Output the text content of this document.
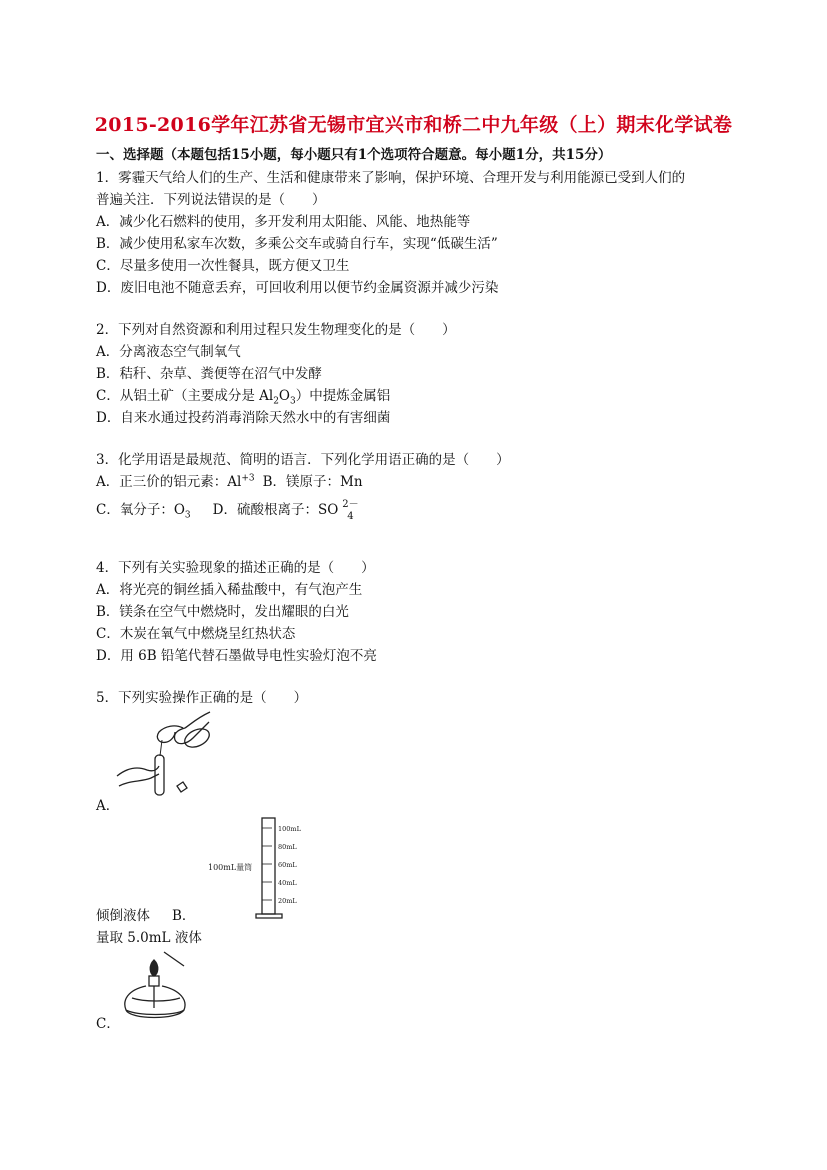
2015-2016学年江苏省无锡市宜兴市和桥二中九年级（上）期末化学试卷
一、选择题（本题包括15小题，每小题只有1个选项符合题意。每小题1分，共15分）
1．雾霾天气给人们的生产、生活和健康带来了影响，保护环境、合理开发与利用能源已受到人们的
普遍关注．下列说法错误的是（　　）
A．减少化石燃料的使用，多开发利用太阳能、风能、地热能等
B．减少使用私家车次数，多乘公交车或骑自行车，实现“低碳生活”
C．尽量多使用一次性餐具，既方便又卫生
D．废旧电池不随意丢弃，可回收利用以便节约金属资源并减少污染
2．下列对自然资源和利用过程只发生物理变化的是（　　）
A．分离液态空气制氧气
B．秸秆、杂草、粪便等在沼气中发酵
C．从铝土矿（主要成分是 $Al_2O_3$）中提炼金属铝
D．自来水通过投药消毒消除天然水中的有害细菌
3．化学用语是最规范、简明的语言．下列化学用语正确的是（　　）
A．正三价的铝元素：$Al^{+3}$ B．镁原子：Mn
C．氧分子：$O_3$ D．硫酸根离子：SO 2－
4
4．下列有关实验现象的描述正确的是（　　）
A．将光亮的铜丝插入稀盐酸中，有气泡产生
B．镁条在空气中燃烧时，发出耀眼的白光
C．木炭在氧气中燃烧呈红热状态
D．用 6B 铅笔代替石墨做导电性实验灯泡不亮
5．下列实验操作正确的是（　　）
A．
100mL
80mL
60mL
40mL
20mL
100mL量筒
倾倒液体 B．
量取 5.0mL 液体
C．
